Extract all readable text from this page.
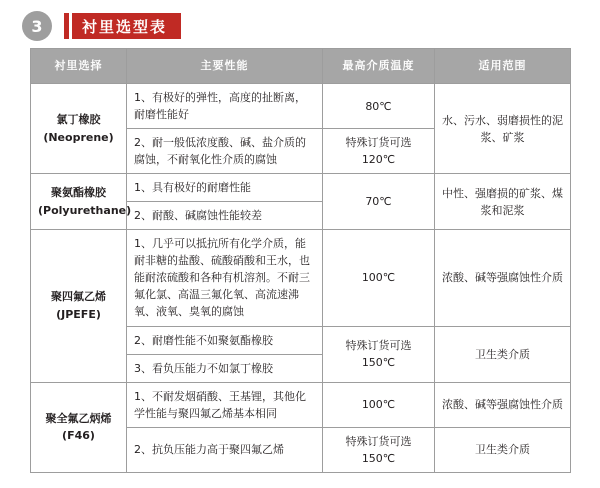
3	衬里选型表
衬里选择	主要性能	最高介质温度	适用范围

氯丁橡胶
(Neoprene)	1、有极好的弹性，高度的扯断离，耐磨性能好	80℃	水、污水、弱磨损性的泥浆、矿浆
	2、耐一般低浓度酸、碱、盐介质的腐蚀，不耐氧化性介质的腐蚀	特殊订货可选120℃	

聚氨酯橡胶
(Polyurethane)	1、具有极好的耐磨性能	70℃	中性、强磨损的矿浆、煤浆和泥浆
	2、耐酸、碱腐蚀性能较差		

聚四氟乙烯
(JPEFE)	1、几乎可以抵抗所有化学介质，能耐非糖的盐酸、硫酸硝酸和王水，也能耐浓硫酸和各种有机溶剂。不耐三氟化氯、高温三氟化氧、高流速沸氧、液氧、臭氧的腐蚀	100℃	浓酸、碱等强腐蚀性介质
	2、耐磨性能不如聚氨酯橡胶	特殊订货可选150℃	卫生类介质
	3、看负压能力不如氯丁橡胶		

聚全氟乙炳烯
(F46)	1、不耐发烟硝酸、王基锂，其他化学性能与聚四氟乙烯基本相同	100℃	浓酸、碱等强腐蚀性介质
	2、抗负压能力高于聚四氟乙烯	特殊订货可选150℃	卫生类介质
